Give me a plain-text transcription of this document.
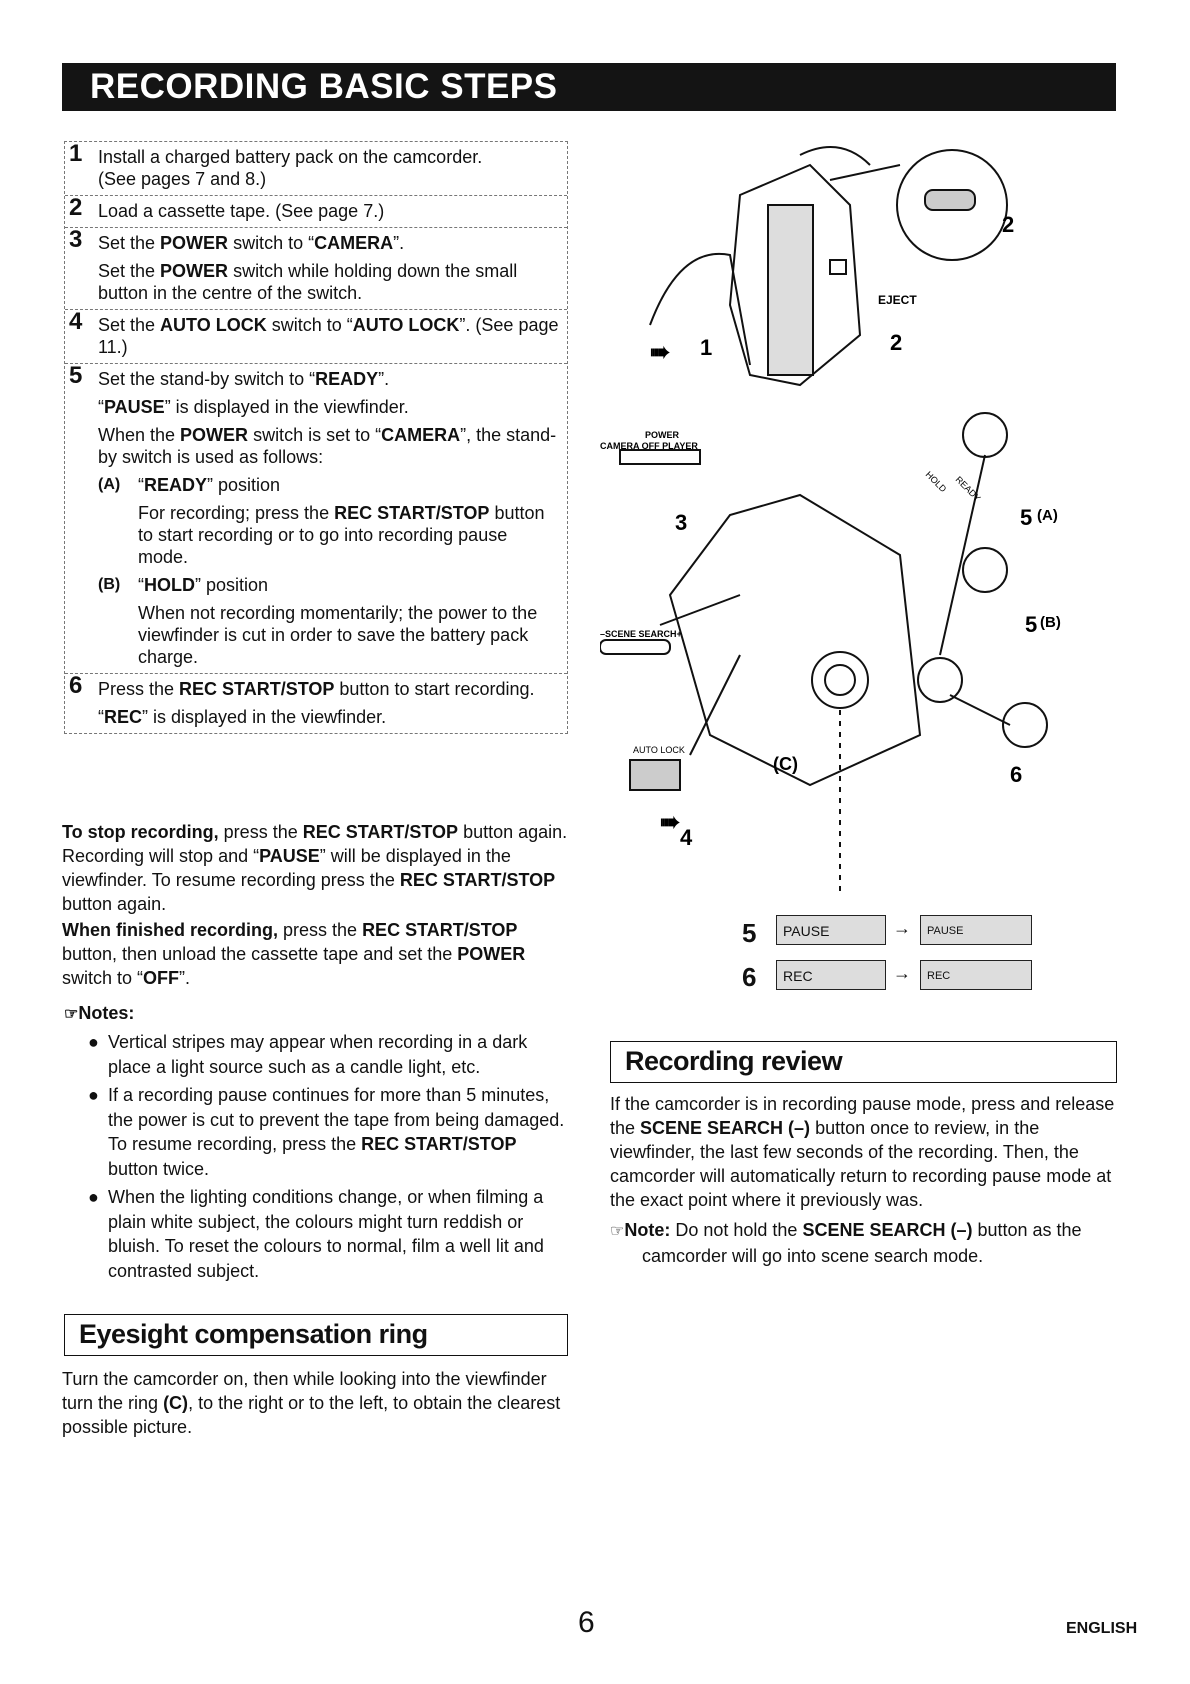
RECORDING BASIC STEPS
1 Install a charged battery pack on the camcorder.
(See pages 7 and 8.)

2 Load a cassette tape. (See page 7.)

3 Set the POWER switch to “CAMERA”.

Set the POWER switch while holding down the small button in the centre of the switch.

4 Set the AUTO LOCK switch to “AUTO LOCK”. (See page 11.)

5 Set the stand-by switch to “READY”.

“PAUSE” is displayed in the viewfinder.

When the POWER switch is set to “CAMERA”, the stand-by switch is used as follows:

(A) “READY” position

For recording; press the REC START/STOP button to start recording or to go into recording pause mode.

(B) “HOLD” position

When not recording momentarily; the power to the viewfinder is cut in order to save the battery pack charge.

6 Press the REC START/STOP button to start recording.

“REC” is displayed in the viewfinder.

To stop recording, press the REC START/STOP button again. Recording will stop and “PAUSE” will be displayed in the viewfinder. To resume recording press the REC START/STOP button again.

When finished recording, press the REC START/STOP button, then unload the cassette tape and set the POWER switch to “OFF”.

☞Notes:
● Vertical stripes may appear when recording in a dark place a light source such as a candle light, etc.
● If a recording pause continues for more than 5 minutes, the power is cut to prevent the tape from being damaged. To resume recording, press the REC START/STOP button twice.
● When the lighting conditions change, or when filming a plain white subject, the colours might turn reddish or bluish. To reset the colours to normal, film a well lit and contrasted subject.
Eyesight compensation ring

Turn the camcorder on, then while looking into the viewfinder turn the ring (C), to the right or to the left, to obtain the clearest possible picture.

Recording review

If the camcorder is in recording pause mode, press and release the SCENE SEARCH (–) button once to review, in the viewfinder, the last few seconds of the recording. Then, the camcorder will automatically return to recording pause mode at the exact point where it previously was.

☞Note: Do not hold the SCENE SEARCH (–) button as the camcorder will go into scene search mode.

➠
➠
EJECT
POWER
CAMERA OFF PLAYER
–SCENE SEARCH+
AUTO LOCK
(C)
HOLD READY
1
2
2
3
4
5 (A)
5 (B)
6
5	PAUSE	→	PAUSE
6	REC	→	REC
6	ENGLISH
